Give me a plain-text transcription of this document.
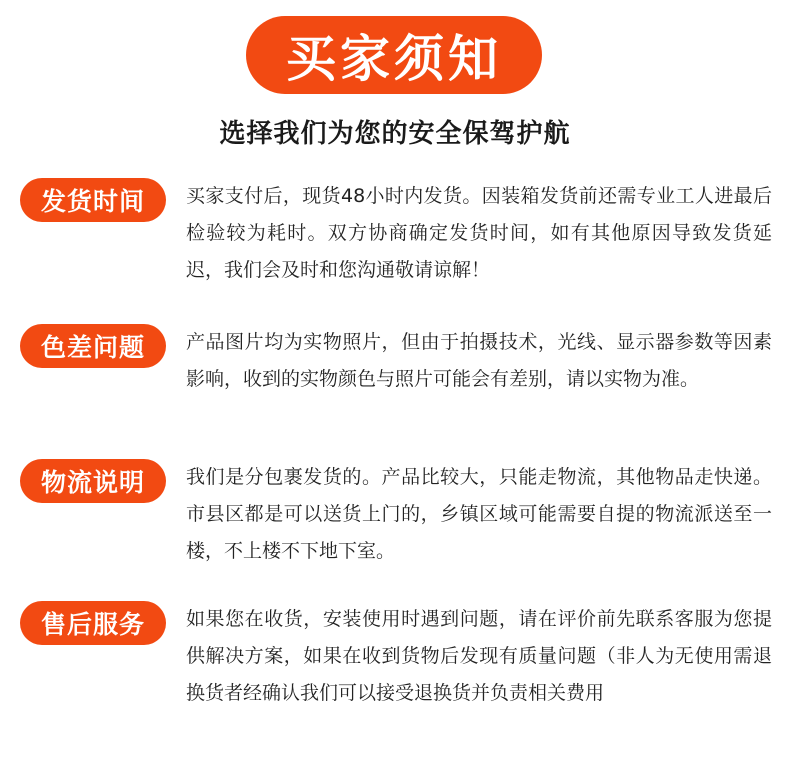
买家须知
选择我们为您的安全保驾护航
发货时间 买家支付后，现货48小时内发货。因装箱发货前还需专业工人进最后检验较为耗时。双方协商确定发货时间，如有其他原因导致发货延迟，我们会及时和您沟通敬请谅解！
色差问题 产品图片均为实物照片，但由于拍摄技术，光线、显示器参数等因素影响，收到的实物颜色与照片可能会有差别，请以实物为准。
物流说明 我们是分包裹发货的。产品比较大，只能走物流，其他物品走快递。市县区都是可以送货上门的，乡镇区域可能需要自提的物流派送至一楼，不上楼不下地下室。
售后服务 如果您在收货，安装使用时遇到问题，请在评价前先联系客服为您提供解决方案，如果在收到货物后发现有质量问题（非人为无使用需退换货者经确认我们可以接受退换货并负责相关费用
